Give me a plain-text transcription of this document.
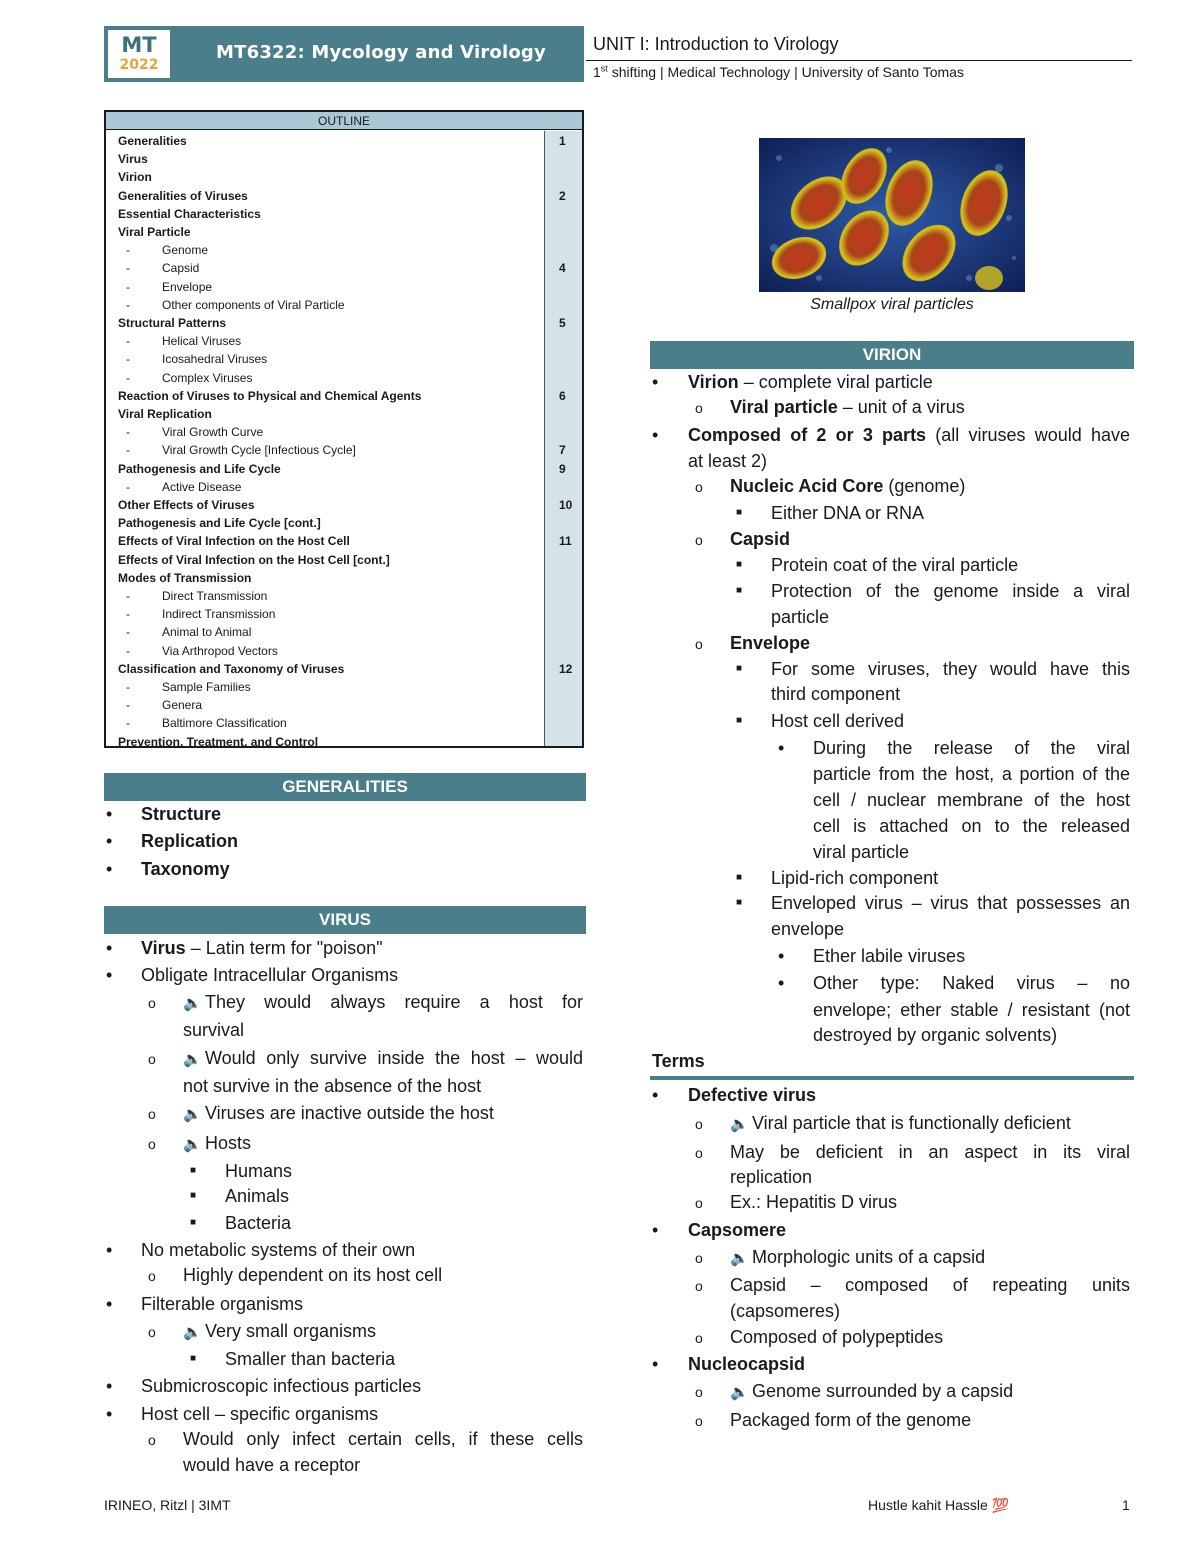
MT
2022
MT6322: Mycology and Virology	UNIT I: Introduction to Virology
1st shifting | Medical Technology | University of Santo Tomas
OUTLINE
Generalities	1
Virus
Virion
Generalities of Viruses	2
Essential Characteristics
Viral Particle
-	Genome
-	Capsid	4
-	Envelope
-	Other components of Viral Particle
Structural Patterns	5
-	Helical Viruses
-	Icosahedral Viruses
-	Complex Viruses
Reaction of Viruses to Physical and Chemical Agents	6
Viral Replication
-	Viral Growth Curve
-	Viral Growth Cycle [Infectious Cycle]	7
Pathogenesis and Life Cycle	9
-	Active Disease
Other Effects of Viruses	10
Pathogenesis and Life Cycle [cont.]
Effects of Viral Infection on the Host Cell	11
Effects of Viral Infection on the Host Cell [cont.]
Modes of Transmission
-	Direct Transmission
-	Indirect Transmission
-	Animal to Animal
-	Via Arthropod Vectors
Classification and Taxonomy of Viruses	12
-	Sample Families
-	Genera
-	Baltimore Classification
Prevention, Treatment, and Control
GENERALITIES
• Structure
• Replication
• Taxonomy
VIRUS
• Virus – Latin term for "poison"
• Obligate Intracellular Organisms
o 🔈 They would always require a host for
survival
o 🔈 Would only survive inside the host – would
not survive in the absence of the host
o 🔈 Viruses are inactive outside the host
o 🔈 Hosts
■ Humans
■ Animals
■ Bacteria
• No metabolic systems of their own
o Highly dependent on its host cell
• Filterable organisms
o 🔈 Very small organisms
■ Smaller than bacteria
• Submicroscopic infectious particles
• Host cell – specific organisms
o Would only infect certain cells, if these cells
would have a receptor
Smallpox viral particles
VIRION
• Virion – complete viral particle
o Viral particle – unit of a virus
• Composed of 2 or 3 parts (all viruses would have
at least 2)
o Nucleic Acid Core (genome)
■ Either DNA or RNA
o Capsid
■ Protein coat of the viral particle
■ Protection of the genome inside a viral
particle
o Envelope
■ For some viruses, they would have this
third component
■ Host cell derived
• During the release of the viral
particle from the host, a portion of the
cell / nuclear membrane of the host
cell is attached on to the released
viral particle
■ Lipid-rich component
■ Enveloped virus – virus that possesses an
envelope
• Ether labile viruses
• Other type: Naked virus – no
envelope; ether stable / resistant (not
destroyed by organic solvents)
Terms
• Defective virus
o 🔈 Viral particle that is functionally deficient
o May be deficient in an aspect in its viral
replication
o Ex.: Hepatitis D virus
• Capsomere
o 🔈 Morphologic units of a capsid
o Capsid – composed of repeating units
(capsomeres)
o Composed of polypeptides
• Nucleocapsid
o 🔈 Genome surrounded by a capsid
o Packaged form of the genome
IRINEO, Ritzl | 3IMT	Hustle kahit Hassle 💯	1
